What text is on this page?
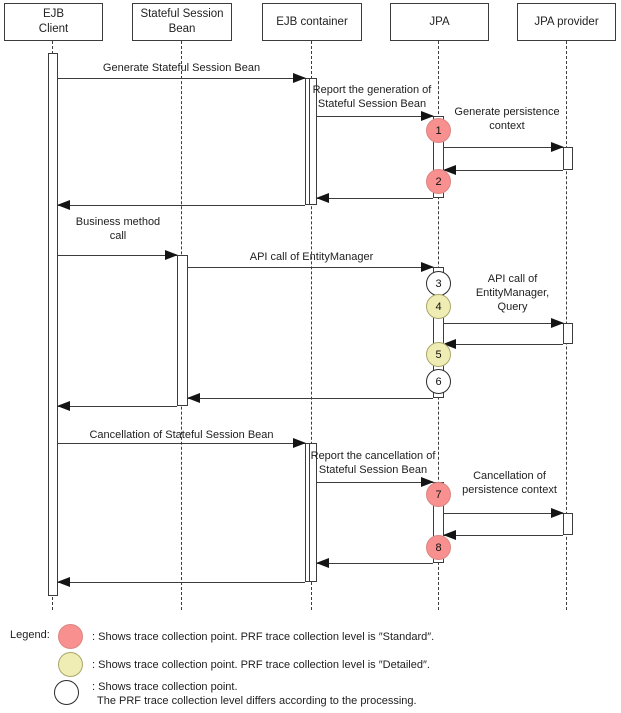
EJB
Client
Stateful Session
Bean
EJB container	JPA	JPA provider
Generate Stateful Session Bean
Report the generation of
Stateful Session Bean
Generate persistence
context
Business method
call
API call of EntityManager
API call of
EntityManager,
Query
Cancellation of Stateful Session Bean
Report the cancellation of
Stateful Session Bean	Cancellation of
persistence context
1
2
3
4
5
6
7
8
Legend:	: Shows trace collection point. PRF trace collection level is ″Standard″.
: Shows trace collection point. PRF trace collection level is ″Detailed″.
: Shows trace collection point.
The PRF trace collection level differs according to the processing.
